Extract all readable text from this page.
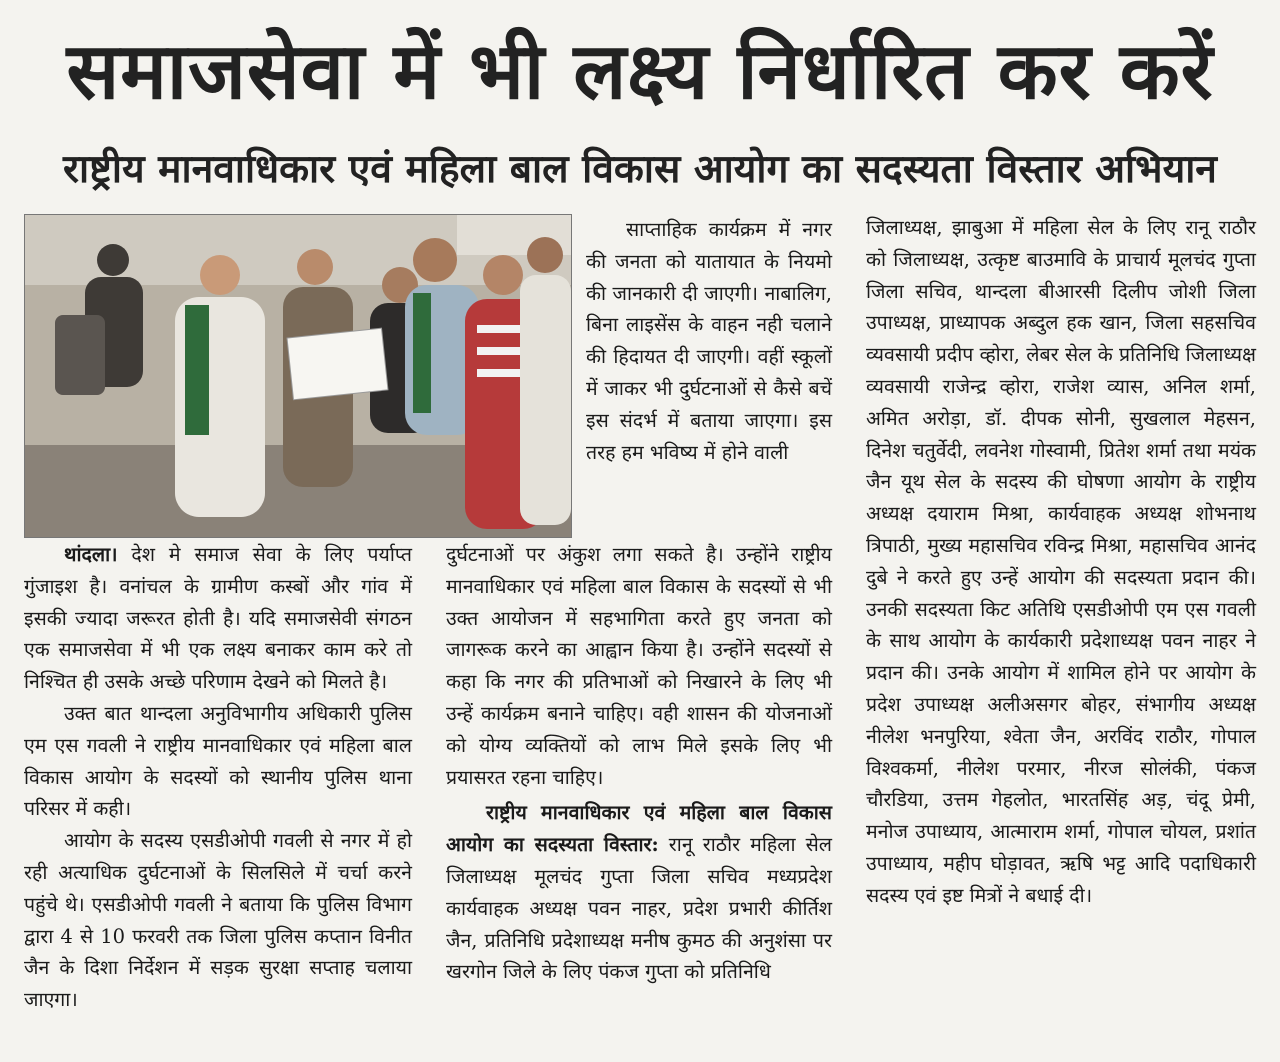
समाजसेवा में भी लक्ष्य निर्धारित कर करें
राष्ट्रीय मानवाधिकार एवं महिला बाल विकास आयोग का सदस्यता विस्तार अभियान

थांदला। देश मे समाज सेवा के लिए पर्याप्त गुंजाइश है। वनांचल के ग्रामीण कस्बों और गांव में इसकी ज्यादा जरूरत होती है। यदि समाजसेवी संगठन एक समाजसेवा में भी एक लक्ष्य बनाकर काम करे तो निश्चित ही उसके अच्छे परिणाम देखने को मिलते है।

उक्त बात थान्दला अनुविभागीय अधिकारी पुलिस एम एस गवली ने राष्ट्रीय मानवाधिकार एवं महिला बाल विकास आयोग के सदस्यों को स्थानीय पुलिस थाना परिसर में कही।

आयोग के सदस्य एसडीओपी गवली से नगर में हो रही अत्याधिक दुर्घटनाओं के सिलसिले में चर्चा करने पहुंचे थे। एसडीओपी गवली ने बताया कि पुलिस विभाग द्वारा 4 से 10 फरवरी तक जिला पुलिस कप्तान विनीत जैन के दिशा निर्देशन में सड़क सुरक्षा सप्ताह चलाया जाएगा।

साप्ताहिक कार्यक्रम में नगर की जनता को यातायात के नियमो की जानकारी दी जाएगी। नाबालिग, बिना लाइसेंस के वाहन नही चलाने की हिदायत दी जाएगी। वहीं स्कूलों में जाकर भी दुर्घटनाओं से कैसे बचें इस संदर्भ में बताया जाएगा। इस तरह हम भविष्य में होने वाली

दुर्घटनाओं पर अंकुश लगा सकते है। उन्होंने राष्ट्रीय मानवाधिकार एवं महिला बाल विकास के सदस्यों से भी उक्त आयोजन में सहभागिता करते हुए जनता को जागरूक करने का आह्वान किया है। उन्होंने सदस्यों से कहा कि नगर की प्रतिभाओं को निखारने के लिए भी उन्हें कार्यक्रम बनाने चाहिए। वही शासन की योजनाओं को योग्य व्यक्तियों को लाभ मिले इसके लिए भी प्रयासरत रहना चाहिए।

राष्ट्रीय मानवाधिकार एवं महिला बाल विकास आयोग का सदस्यता विस्तार: रानू राठौर महिला सेल जिलाध्यक्ष मूलचंद गुप्ता जिला सचिव मध्यप्रदेश कार्यवाहक अध्यक्ष पवन नाहर, प्रदेश प्रभारी कीर्तिश जैन, प्रतिनिधि प्रदेशाध्यक्ष मनीष कुमठ की अनुशंसा पर खरगोन जिले के लिए पंकज गुप्ता को प्रतिनिधि

जिलाध्यक्ष, झाबुआ में महिला सेल के लिए रानू राठौर को जिलाध्यक्ष, उत्कृष्ट बाउमावि के प्राचार्य मूलचंद गुप्ता जिला सचिव, थान्दला बीआरसी दिलीप जोशी जिला उपाध्यक्ष, प्राध्यापक अब्दुल हक खान, जिला सहसचिव व्यवसायी प्रदीप व्होरा, लेबर सेल के प्रतिनिधि जिलाध्यक्ष व्यवसायी राजेन्द्र व्होरा, राजेश व्यास, अनिल शर्मा, अमित अरोड़ा, डॉ. दीपक सोनी, सुखलाल मेहसन, दिनेश चतुर्वेदी, लवनेश गोस्वामी, प्रितेश शर्मा तथा मयंक जैन यूथ सेल के सदस्य की घोषणा आयोग के राष्ट्रीय अध्यक्ष दयाराम मिश्रा, कार्यवाहक अध्यक्ष शोभनाथ त्रिपाठी, मुख्य महासचिव रविन्द्र मिश्रा, महासचिव आनंद दुबे ने करते हुए उन्हें आयोग की सदस्यता प्रदान की। उनकी सदस्यता किट अतिथि एसडीओपी एम एस गवली के साथ आयोग के कार्यकारी प्रदेशाध्यक्ष पवन नाहर ने प्रदान की। उनके आयोग में शामिल होने पर आयोग के प्रदेश उपाध्यक्ष अलीअसगर बोहर, संभागीय अध्यक्ष नीलेश भनपुरिया, श्वेता जैन, अरविंद राठौर, गोपाल विश्वकर्मा, नीलेश परमार, नीरज सोलंकी, पंकज चौरडिया, उत्तम गेहलोत, भारतसिंह अड़, चंदू प्रेमी, मनोज उपाध्याय, आत्माराम शर्मा, गोपाल चोयल, प्रशांत उपाध्याय, महीप घोड़ावत, ऋषि भट्ट आदि पदाधिकारी सदस्य एवं इष्ट मित्रों ने बधाई दी।
